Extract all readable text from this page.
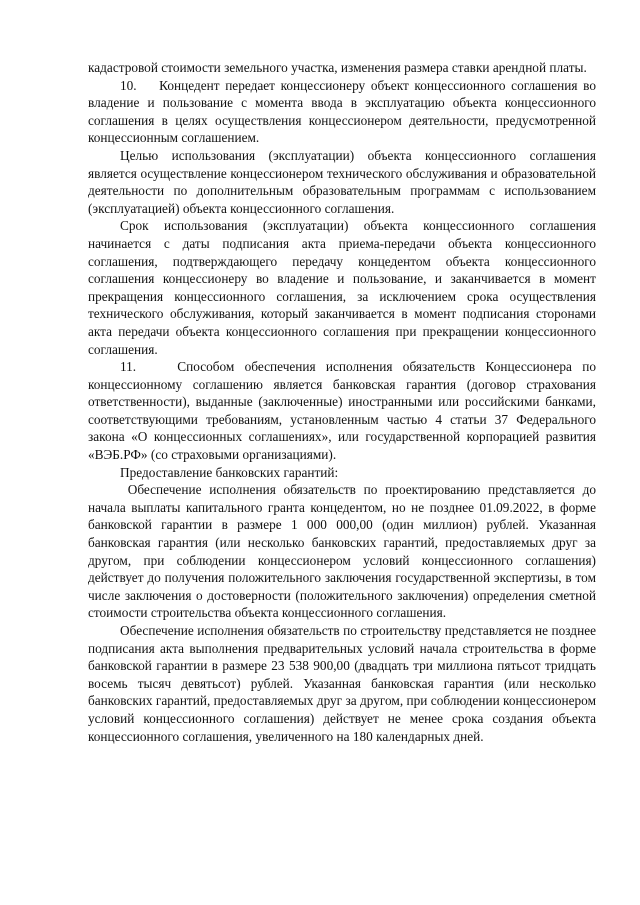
кадастровой стоимости земельного участка, изменения размера ставки арендной платы.

10.    Концедент передает концессионеру объект концессионного соглашения во владение и пользование с момента ввода в эксплуатацию объекта концессионного соглашения в целях осуществления концессионером деятельности, предусмотренной концессионным соглашением.

Целью использования (эксплуатации) объекта концессионного соглашения является осуществление концессионером технического обслуживания и образовательной деятельности по дополнительным образовательным программам с использованием (эксплуатацией) объекта концессионного соглашения.

Срок использования (эксплуатации) объекта концессионного соглашения начинается с даты подписания акта приема-передачи объекта концессионного соглашения, подтверждающего передачу концедентом объекта концессионного соглашения концессионеру во владение и пользование, и заканчивается в момент прекращения концессионного соглашения, за исключением срока осуществления технического обслуживания, который заканчивается в момент подписания сторонами акта передачи объекта концессионного соглашения при прекращении концессионного соглашения.

11.    Способом обеспечения исполнения обязательств Концессионера по концессионному соглашению является банковская гарантия (договор страхования ответственности), выданные (заключенные) иностранными или российскими банками, соответствующими требованиям, установленным частью 4 статьи 37 Федерального закона «О концессионных соглашениях», или государственной корпорацией развития «ВЭБ.РФ» (со страховыми организациями).

Предоставление банковских гарантий:

Обеспечение исполнения обязательств по проектированию представляется до начала выплаты капитального гранта концедентом, но не позднее 01.09.2022, в форме банковской гарантии в размере 1 000 000,00 (один миллион) рублей. Указанная банковская гарантия (или несколько банковских гарантий, предоставляемых друг за другом, при соблюдении концессионером условий концессионного соглашения) действует до получения положительного заключения государственной экспертизы, в том числе заключения о достоверности (положительного заключения) определения сметной стоимости строительства объекта концессионного соглашения.

Обеспечение исполнения обязательств по строительству представляется не позднее подписания акта выполнения предварительных условий начала строительства в форме банковской гарантии в размере 23 538 900,00 (двадцать три миллиона пятьсот тридцать восемь тысяч девятьсот) рублей. Указанная банковская гарантия (или несколько банковских гарантий, предоставляемых друг за другом, при соблюдении концессионером условий концессионного соглашения) действует не менее срока создания объекта концессионного соглашения, увеличенного на 180 календарных дней.
